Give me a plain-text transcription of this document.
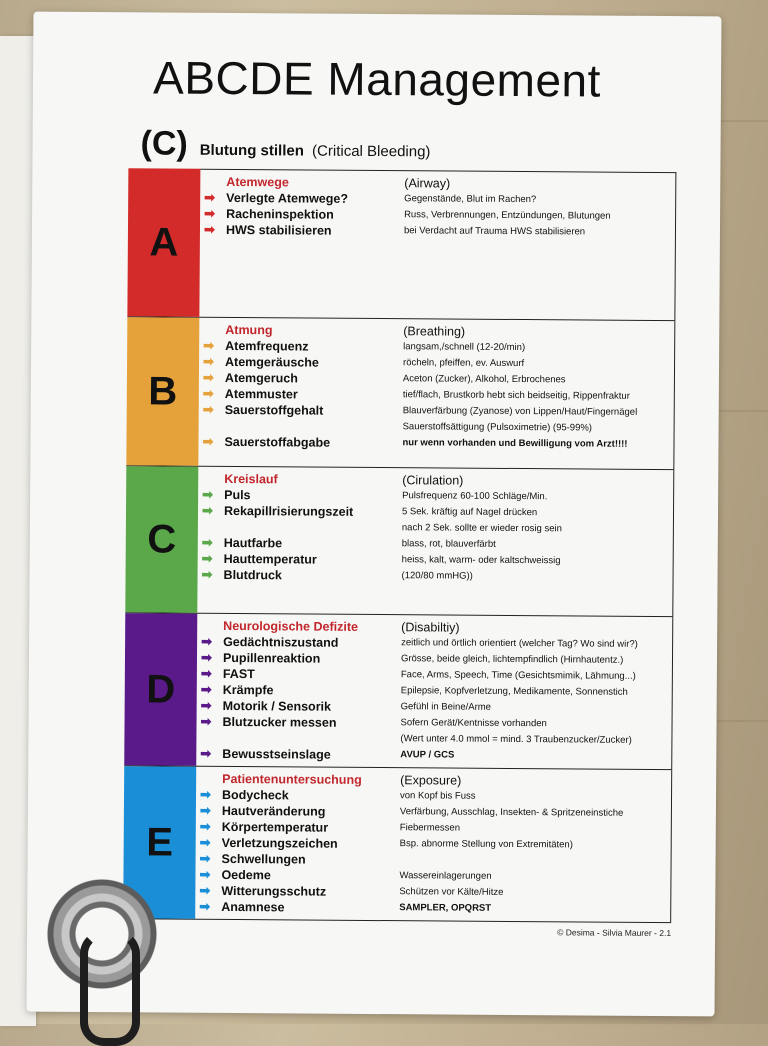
ABCDE Management
(C) Blutung stillen (Critical Bleeding)
A
Atemwege	(Airway)
➡ Verlegte Atemwege?	Gegenstände, Blut im Rachen?
➡ Racheninspektion	Russ, Verbrennungen, Entzündungen, Blutungen
➡ HWS stabilisieren	bei Verdacht auf Trauma HWS stabilisieren
B
Atmung	(Breathing)
➡ Atemfrequenz	langsam,/schnell (12-20/min)
➡ Atemgeräusche	röcheln, pfeiffen, ev. Auswurf
➡ Atemgeruch	Aceton (Zucker), Alkohol, Erbrochenes
➡ Atemmuster	tief/flach, Brustkorb hebt sich beidseitig, Rippenfraktur
➡ Sauerstoffgehalt	Blauverfärbung (Zyanose) von Lippen/Haut/Fingernägel
Sauerstoffsättigung (Pulsoximetrie) (95-99%)
➡ Sauerstoffabgabe	nur wenn vorhanden und Bewilligung vom Arzt!!!!
C
Kreislauf	(Cirulation)
➡ Puls	Pulsfrequenz 60-100 Schläge/Min.
➡ Rekapillrisierungszeit	5 Sek. kräftig auf Nagel drücken
nach 2 Sek. sollte er wieder rosig sein
➡ Hautfarbe	blass, rot, blauverfärbt
➡ Hauttemperatur	heiss, kalt, warm- oder kaltschweissig
➡ Blutdruck	(120/80 mmHG))
D
Neurologische Defizite	(Disabiltiy)
➡ Gedächtniszustand	zeitlich und örtlich orientiert (welcher Tag? Wo sind wir?)
➡ Pupillenreaktion	Grösse, beide gleich, lichtempfindlich (Hirnhautentz.)
➡ FAST	Face, Arms, Speech, Time (Gesichtsmimik, Lähmung...)
➡ Krämpfe	Epilepsie, Kopfverletzung, Medikamente, Sonnenstich
➡ Motorik / Sensorik	Gefühl in Beine/Arme
➡ Blutzucker messen	Sofern Gerät/Kentnisse vorhanden
(Wert unter 4.0 mmol = mind. 3 Traubenzucker/Zucker)
➡ Bewusstseinslage	AVUP / GCS
E
Patientenuntersuchung	(Exposure)
➡ Bodycheck	von Kopf bis Fuss
➡ Hautveränderung	Verfärbung, Ausschlag, Insekten- & Spritzeneinstiche
➡ Körpertemperatur	Fiebermessen
➡ Verletzungszeichen	Bsp. abnorme Stellung von Extremitäten)
➡ Schwellungen
➡ Oedeme	Wassereinlagerungen
➡ Witterungsschutz	Schützen vor Kälte/Hitze
➡ Anamnese	SAMPLER, OPQRST
© Desima - Silvia Maurer - 2.1
